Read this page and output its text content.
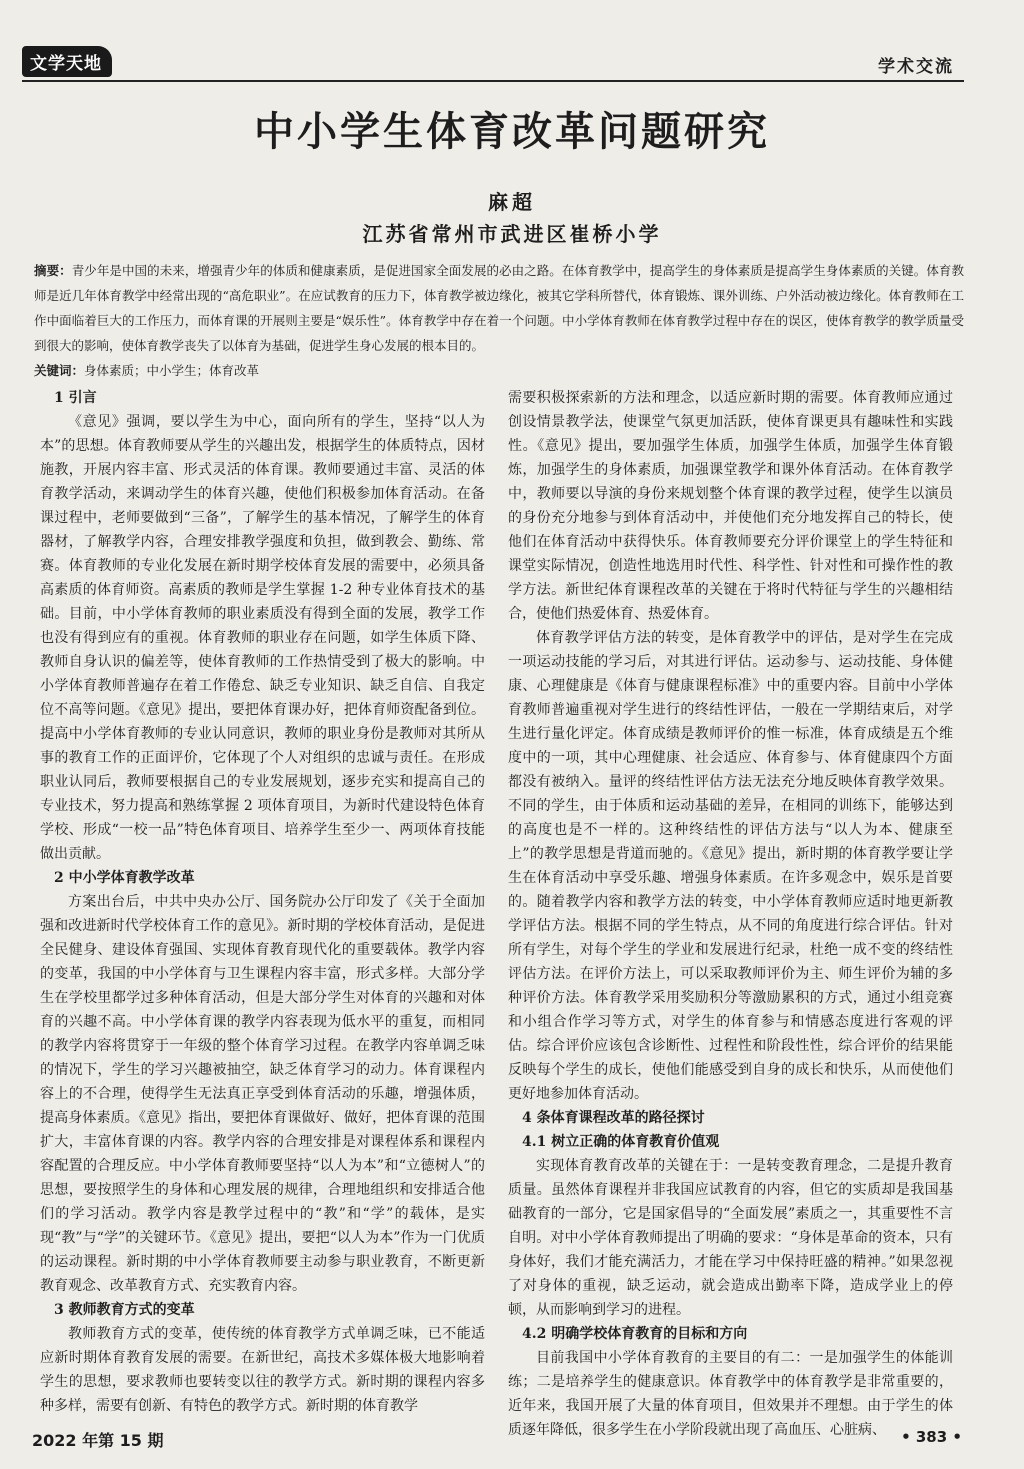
文学天地	学术交流
中小学生体育改革问题研究
麻超
江苏省常州市武进区崔桥小学
摘要：青少年是中国的未来，增强青少年的体质和健康素质，是促进国家全面发展的必由之路。在体育教学中，提高学生的身体素质是提高学生身体素质的关键。体育教师是近几年体育教学中经常出现的“高危职业”。在应试教育的压力下，体育教学被边缘化，被其它学科所替代，体育锻炼、课外训练、户外活动被边缘化。体育教师在工作中面临着巨大的工作压力，而体育课的开展则主要是“娱乐性”。体育教学中存在着一个问题。中小学体育教师在体育教学过程中存在的误区，使体育教学的教学质量受到很大的影响，使体育教学丧失了以体育为基础，促进学生身心发展的根本目的。
关键词：身体素质；中小学生；体育改革
1 引言

《意见》强调，要以学生为中心，面向所有的学生，坚持“以人为本”的思想。体育教师要从学生的兴趣出发，根据学生的体质特点，因材施教，开展内容丰富、形式灵活的体育课。教师要通过丰富、灵活的体育教学活动，来调动学生的体育兴趣，使他们积极参加体育活动。在备课过程中，老师要做到“三备”，了解学生的基本情况，了解学生的体育器材，了解教学内容，合理安排教学强度和负担，做到教会、勤练、常赛。体育教师的专业化发展在新时期学校体育发展的需要中，必须具备高素质的体育师资。高素质的教师是学生掌握 1-2 种专业体育技术的基础。目前，中小学体育教师的职业素质没有得到全面的发展，教学工作也没有得到应有的重视。体育教师的职业存在问题，如学生体质下降、教师自身认识的偏差等，使体育教师的工作热情受到了极大的影响。中小学体育教师普遍存在着工作倦怠、缺乏专业知识、缺乏自信、自我定位不高等问题。《意见》提出，要把体育课办好，把体育师资配备到位。提高中小学体育教师的专业认同意识，教师的职业身份是教师对其所从事的教育工作的正面评价，它体现了个人对组织的忠诚与责任。在形成职业认同后，教师要根据自己的专业发展规划，逐步充实和提高自己的专业技术，努力提高和熟练掌握 2 项体育项目，为新时代建设特色体育学校、形成“一校一品”特色体育项目、培养学生至少一、两项体育技能做出贡献。

2 中小学体育教学改革

方案出台后，中共中央办公厅、国务院办公厅印发了《关于全面加强和改进新时代学校体育工作的意见》。新时期的学校体育活动，是促进全民健身、建设体育强国、实现体育教育现代化的重要载体。教学内容的变革，我国的中小学体育与卫生课程内容丰富，形式多样。大部分学生在学校里都学过多种体育活动，但是大部分学生对体育的兴趣和对体育的兴趣不高。中小学体育课的教学内容表现为低水平的重复，而相同的教学内容将贯穿于一年级的整个体育学习过程。在教学内容单调乏味的情况下，学生的学习兴趣被抽空，缺乏体育学习的动力。体育课程内容上的不合理，使得学生无法真正享受到体育活动的乐趣，增强体质，提高身体素质。《意见》指出，要把体育课做好、做好，把体育课的范围扩大，丰富体育课的内容。教学内容的合理安排是对课程体系和课程内容配置的合理反应。中小学体育教师要坚持“以人为本”和“立德树人”的思想，要按照学生的身体和心理发展的规律，合理地组织和安排适合他们的学习活动。教学内容是教学过程中的“教”和“学”的载体，是实现“教”与“学”的关键环节。《意见》提出，要把“以人为本”作为一门优质的运动课程。新时期的中小学体育教师要主动参与职业教育，不断更新教育观念、改革教育方式、充实教育内容。

3 教师教育方式的变革

教师教育方式的变革，使传统的体育教学方式单调乏味，已不能适应新时期体育教育发展的需要。在新世纪，高技术多媒体极大地影响着学生的思想，要求教师也要转变以往的教学方式。新时期的课程内容多种多样，需要有创新、有特色的教学方式。新时期的体育教学

需要积极探索新的方法和理念，以适应新时期的需要。体育教师应通过创设情景教学法，使课堂气氛更加活跃，使体育课更具有趣味性和实践性。《意见》提出，要加强学生体质，加强学生体质，加强学生体育锻炼，加强学生的身体素质，加强课堂教学和课外体育活动。在体育教学中，教师要以导演的身份来规划整个体育课的教学过程，使学生以演员的身份充分地参与到体育活动中，并使他们充分地发挥自己的特长，使他们在体育活动中获得快乐。体育教师要充分评价课堂上的学生特征和课堂实际情况，创造性地选用时代性、科学性、针对性和可操作性的教学方法。新世纪体育课程改革的关键在于将时代特征与学生的兴趣相结合，使他们热爱体育、热爱体育。

体育教学评估方法的转变，是体育教学中的评估，是对学生在完成一项运动技能的学习后，对其进行评估。运动参与、运动技能、身体健康、心理健康是《体育与健康课程标准》中的重要内容。目前中小学体育教师普遍重视对学生进行的终结性评估，一般在一学期结束后，对学生进行量化评定。体育成绩是教师评价的惟一标准，体育成绩是五个维度中的一项，其中心理健康、社会适应、体育参与、体育健康四个方面都没有被纳入。量评的终结性评估方法无法充分地反映体育教学效果。不同的学生，由于体质和运动基础的差异，在相同的训练下，能够达到的高度也是不一样的。这种终结性的评估方法与“以人为本、健康至上”的教学思想是背道而驰的。《意见》提出，新时期的体育教学要让学生在体育活动中享受乐趣、增强身体素质。在许多观念中，娱乐是首要的。随着教学内容和教学方法的转变，中小学体育教师应适时地更新教学评估方法。根据不同的学生特点，从不同的角度进行综合评估。针对所有学生，对每个学生的学业和发展进行纪录，杜绝一成不变的终结性评估方法。在评价方法上，可以采取教师评价为主、师生评价为辅的多种评价方法。体育教学采用奖励积分等激励累积的方式，通过小组竞赛和小组合作学习等方式，对学生的体育参与和情感态度进行客观的评估。综合评价应该包含诊断性、过程性和阶段性性，综合评价的结果能反映每个学生的成长，使他们能感受到自身的成长和快乐，从而使他们更好地参加体育活动。

4 条体育课程改革的路径探讨
4.1 树立正确的体育教育价值观

实现体育教育改革的关键在于：一是转变教育理念，二是提升教育质量。虽然体育课程并非我国应试教育的内容，但它的实质却是我国基础教育的一部分，它是国家倡导的“全面发展”素质之一，其重要性不言自明。对中小学体育教师提出了明确的要求：“身体是革命的资本，只有身体好，我们才能充满活力，才能在学习中保持旺盛的精神。”如果忽视了对身体的重视，缺乏运动，就会造成出勤率下降，造成学业上的停顿，从而影响到学习的进程。

4.2 明确学校体育教育的目标和方向

目前我国中小学体育教育的主要目的有二：一是加强学生的体能训练；二是培养学生的健康意识。体育教学中的体育教学是非常重要的，近年来，我国开展了大量的体育项目，但效果并不理想。由于学生的体质逐年降低，很多学生在小学阶段就出现了高血压、心脏病、

2022 年第 15 期	• 383 •
